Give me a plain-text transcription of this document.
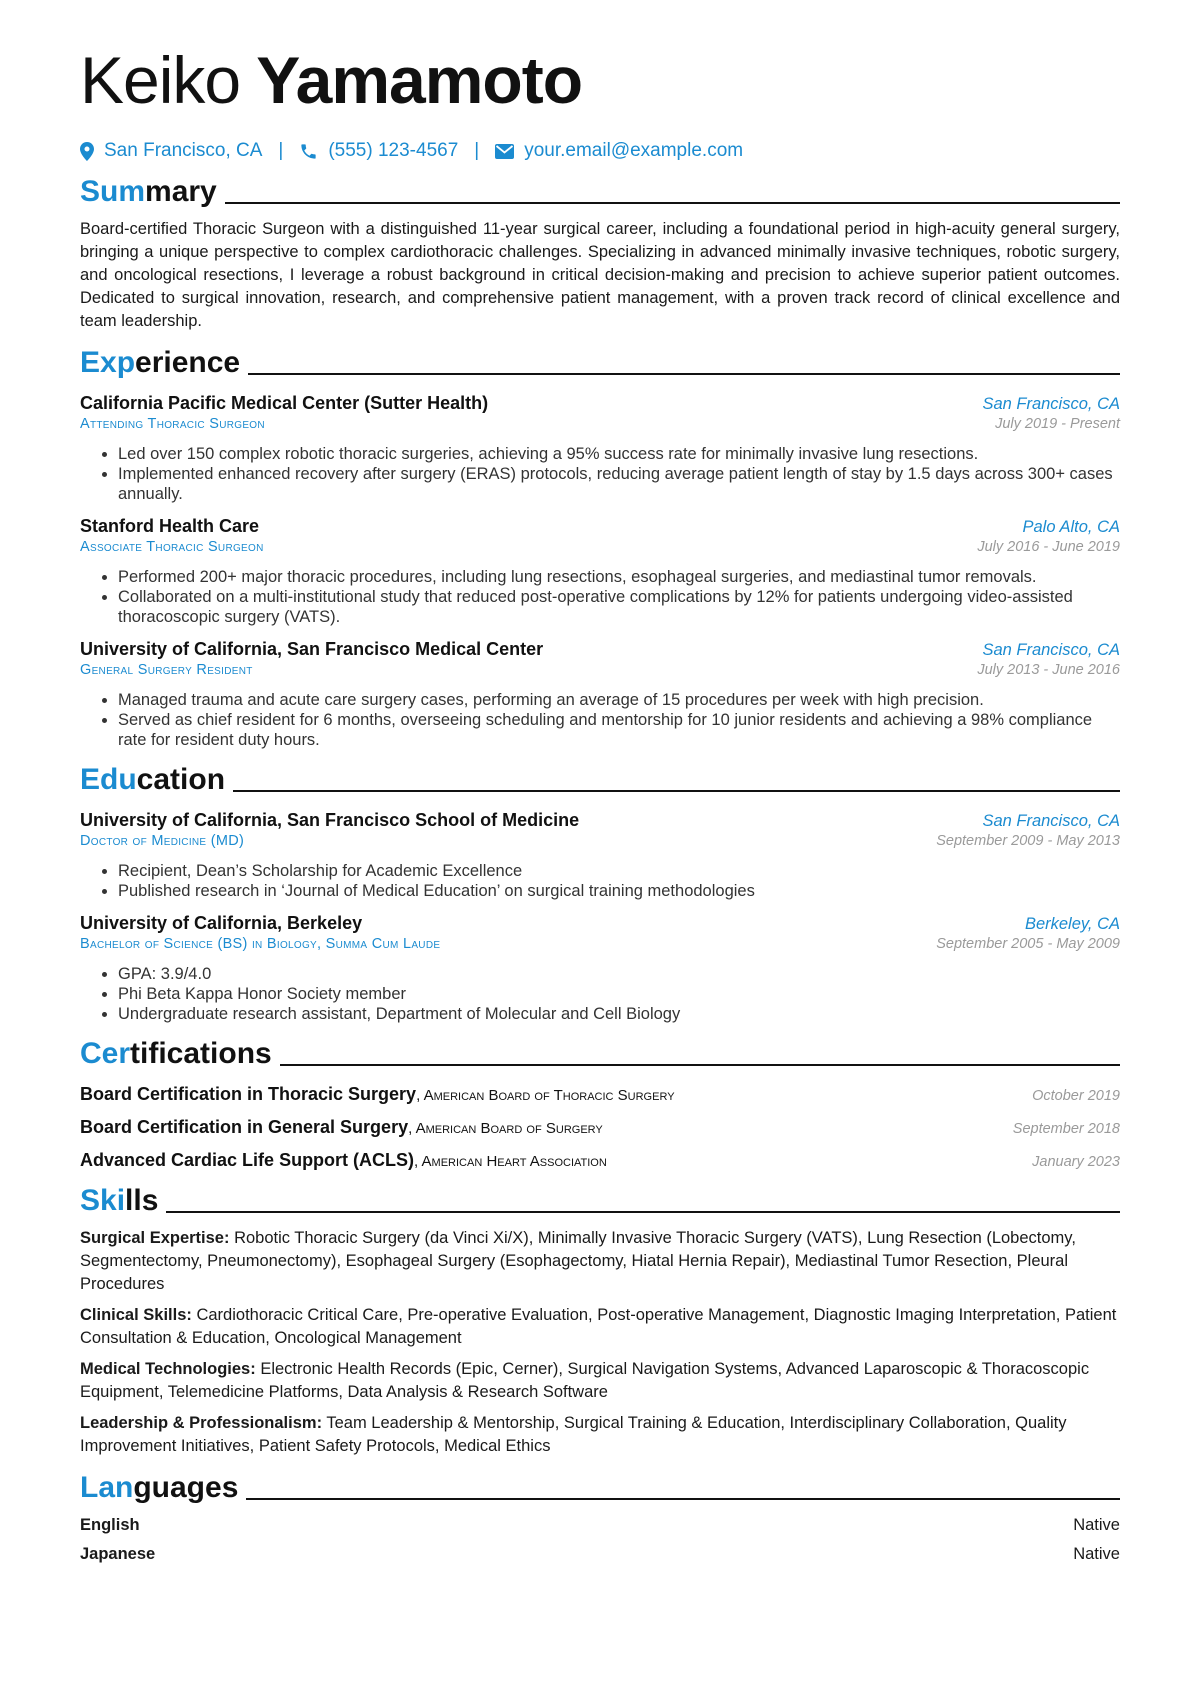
Keiko Yamamoto
San Francisco, CA | (555) 123-4567 | your.email@example.com
Summary
Board-certified Thoracic Surgeon with a distinguished 11-year surgical career, including a foundational period in high-acuity general surgery, bringing a unique perspective to complex cardiothoracic challenges. Specializing in advanced minimally invasive techniques, robotic surgery, and oncological resections, I leverage a robust background in critical decision-making and precision to achieve superior patient outcomes. Dedicated to surgical innovation, research, and comprehensive patient management, with a proven track record of clinical excellence and team leadership.
Experience
California Pacific Medical Center (Sutter Health)	San Francisco, CA
Attending Thoracic Surgeon	July 2019 - Present
• Led over 150 complex robotic thoracic surgeries, achieving a 95% success rate for minimally invasive lung resections.
• Implemented enhanced recovery after surgery (ERAS) protocols, reducing average patient length of stay by 1.5 days across 300+ cases annually.
Stanford Health Care	Palo Alto, CA
Associate Thoracic Surgeon	July 2016 - June 2019
• Performed 200+ major thoracic procedures, including lung resections, esophageal surgeries, and mediastinal tumor removals.
• Collaborated on a multi-institutional study that reduced post-operative complications by 12% for patients undergoing video-assisted thoracoscopic surgery (VATS).
University of California, San Francisco Medical Center	San Francisco, CA
General Surgery Resident	July 2013 - June 2016
• Managed trauma and acute care surgery cases, performing an average of 15 procedures per week with high precision.
• Served as chief resident for 6 months, overseeing scheduling and mentorship for 10 junior residents and achieving a 98% compliance rate for resident duty hours.
Education
University of California, San Francisco School of Medicine	San Francisco, CA
Doctor of Medicine (MD)	September 2009 - May 2013
• Recipient, Dean’s Scholarship for Academic Excellence
• Published research in ‘Journal of Medical Education’ on surgical training methodologies
University of California, Berkeley	Berkeley, CA
Bachelor of Science (BS) in Biology, Summa Cum Laude	September 2005 - May 2009
• GPA: 3.9/4.0
• Phi Beta Kappa Honor Society member
• Undergraduate research assistant, Department of Molecular and Cell Biology
Certifications
Board Certification in Thoracic Surgery, American Board of Thoracic Surgery	October 2019
Board Certification in General Surgery, American Board of Surgery	September 2018
Advanced Cardiac Life Support (ACLS), American Heart Association	January 2023
Skills
Surgical Expertise: Robotic Thoracic Surgery (da Vinci Xi/X), Minimally Invasive Thoracic Surgery (VATS), Lung Resection (Lobectomy, Segmentectomy, Pneumonectomy), Esophageal Surgery (Esophagectomy, Hiatal Hernia Repair), Mediastinal Tumor Resection, Pleural Procedures
Clinical Skills: Cardiothoracic Critical Care, Pre-operative Evaluation, Post-operative Management, Diagnostic Imaging Interpretation, Patient Consultation & Education, Oncological Management
Medical Technologies: Electronic Health Records (Epic, Cerner), Surgical Navigation Systems, Advanced Laparoscopic & Thoracoscopic Equipment, Telemedicine Platforms, Data Analysis & Research Software
Leadership & Professionalism: Team Leadership & Mentorship, Surgical Training & Education, Interdisciplinary Collaboration, Quality Improvement Initiatives, Patient Safety Protocols, Medical Ethics
Languages
English	Native
Japanese	Native
